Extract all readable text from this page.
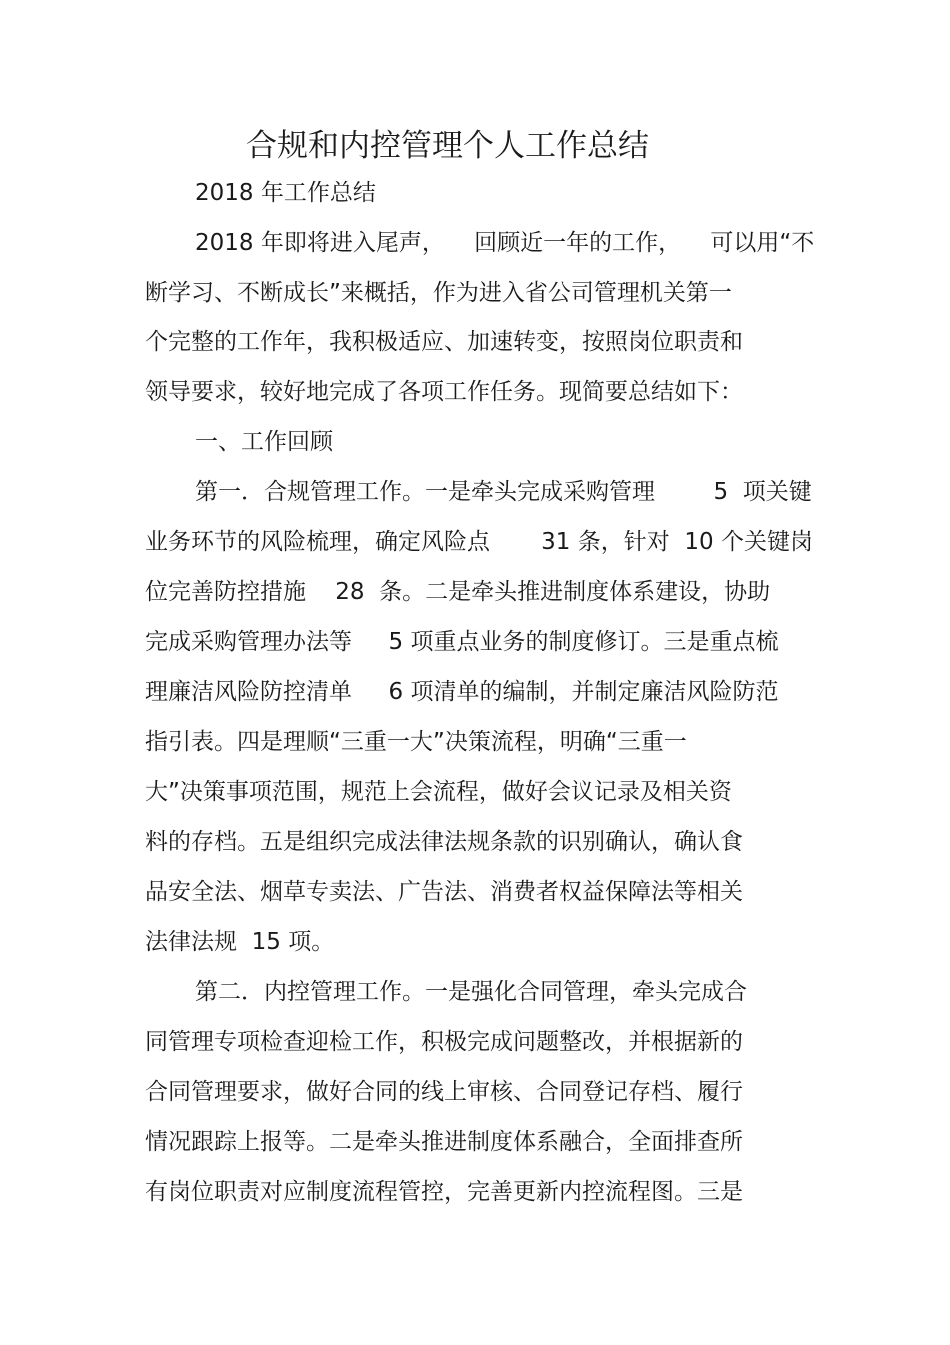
合规和内控管理个人工作总结
2018 年工作总结
2018 年即将进入尾声，    回顾近一年的工作，    可以用“不
断学习、不断成长”来概括，作为进入省公司管理机关第一
个完整的工作年，我积极适应、加速转变，按照岗位职责和
领导要求，较好地完成了各项工作任务。现简要总结如下：
一、工作回顾
第一．合规管理工作。一是牵头完成采购管理        5  项关键
业务环节的风险梳理，确定风险点       31 条，针对  10 个关键岗
位完善防控措施    28  条。二是牵头推进制度体系建设，协助
完成采购管理办法等     5 项重点业务的制度修订。三是重点梳
理廉洁风险防控清单     6 项清单的编制，并制定廉洁风险防范
指引表。四是理顺“三重一大”决策流程，明确“三重一
大”决策事项范围，规范上会流程，做好会议记录及相关资
料的存档。五是组织完成法律法规条款的识别确认，确认食
品安全法、烟草专卖法、广告法、消费者权益保障法等相关
法律法规  15 项。
第二．内控管理工作。一是强化合同管理，牵头完成合
同管理专项检查迎检工作，积极完成问题整改，并根据新的
合同管理要求，做好合同的线上审核、合同登记存档、履行
情况跟踪上报等。二是牵头推进制度体系融合，全面排查所
有岗位职责对应制度流程管控，完善更新内控流程图。三是
